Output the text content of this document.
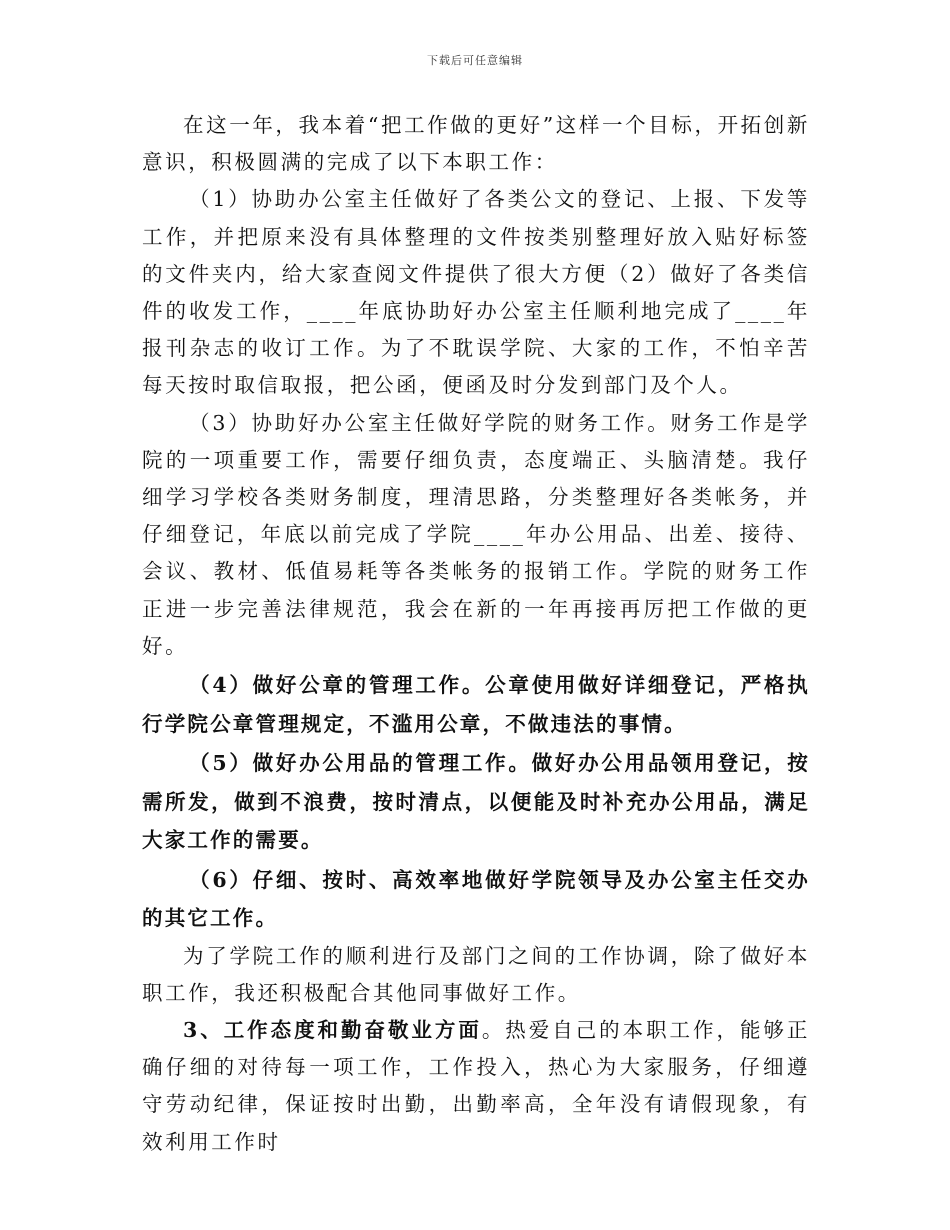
下载后可任意编辑

在这一年，我本着“把工作做的更好”这样一个目标，开拓创新意识，积极圆满的完成了以下本职工作：

（1）协助办公室主任做好了各类公文的登记、上报、下发等工作，并把原来没有具体整理的文件按类别整理好放入贴好标签的文件夹内，给大家查阅文件提供了很大方便（2）做好了各类信件的收发工作，____年底协助好办公室主任顺利地完成了____年报刊杂志的收订工作。为了不耽误学院、大家的工作，不怕辛苦每天按时取信取报，把公函，便函及时分发到部门及个人。

（3）协助好办公室主任做好学院的财务工作。财务工作是学院的一项重要工作，需要仔细负责，态度端正、头脑清楚。我仔细学习学校各类财务制度，理清思路，分类整理好各类帐务，并仔细登记，年底以前完成了学院____年办公用品、出差、接待、会议、教材、低值易耗等各类帐务的报销工作。学院的财务工作正进一步完善法律规范，我会在新的一年再接再厉把工作做的更好。

（4）做好公章的管理工作。公章使用做好详细登记，严格执行学院公章管理规定，不滥用公章，不做违法的事情。

（5）做好办公用品的管理工作。做好办公用品领用登记，按需所发，做到不浪费，按时清点，以便能及时补充办公用品，满足大家工作的需要。

（6）仔细、按时、高效率地做好学院领导及办公室主任交办的其它工作。

为了学院工作的顺利进行及部门之间的工作协调，除了做好本职工作，我还积极配合其他同事做好工作。

3、工作态度和勤奋敬业方面。热爱自己的本职工作，能够正确仔细的对待每一项工作，工作投入，热心为大家服务，仔细遵守劳动纪律，保证按时出勤，出勤率高，全年没有请假现象，有效利用工作时
